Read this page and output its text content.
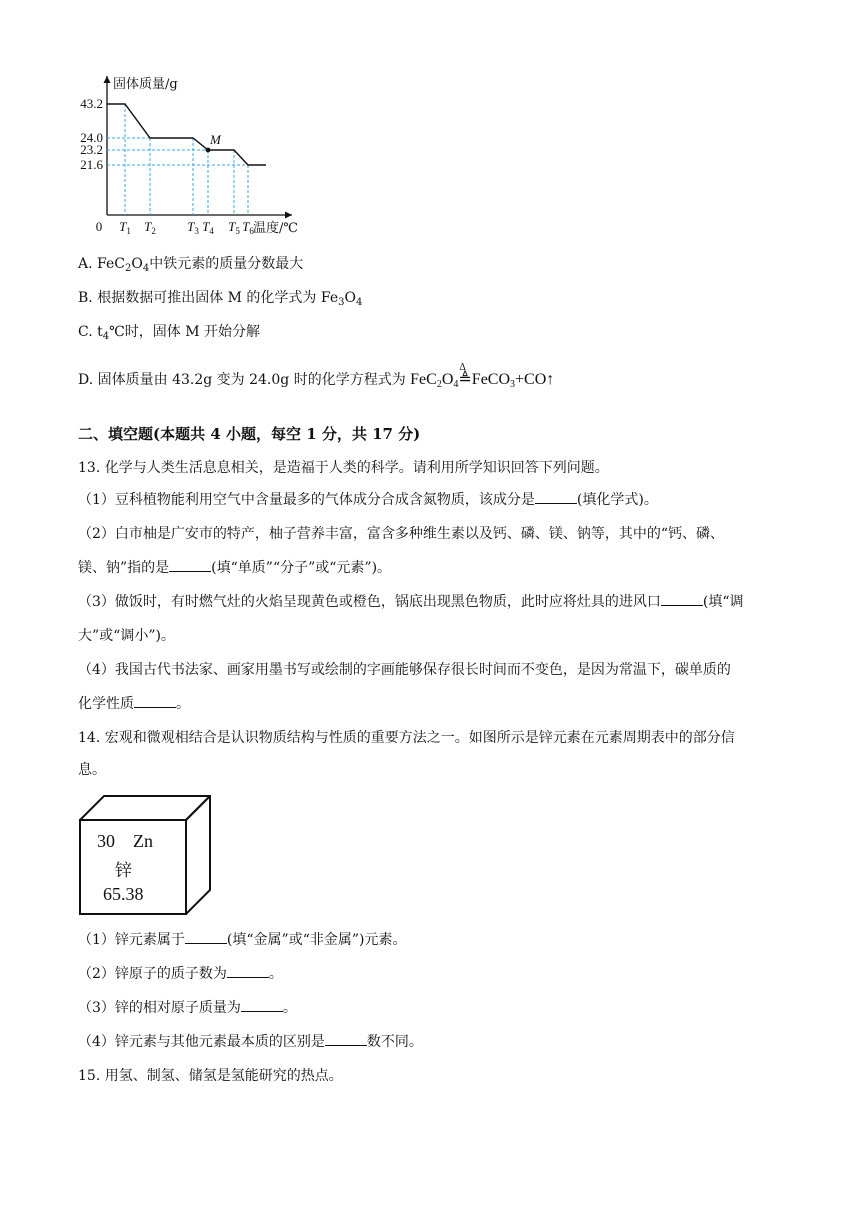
固体质量/g
温度/℃
M
43.2
24.0
23.2
21.6
0 $T_1$ $T_2$ $T_3$ $T_4$ $T_5$ $T_6$
A. $FeC_2O_4$中铁元素的质量分数最大
B. 根据数据可推出固体 M 的化学式为 $Fe_3O_4$
C. $t_4℃$时，固体 M 开始分解
D. 固体质量由 43.2g 变为 24.0g 时的化学方程式为 $FeC_2O_4$
Δ
≜FeCO$_3$+CO↑
二、填空题(本题共 4 小题，每空 1 分，共 17 分)
13. 化学与人类生活息息相关，是造福于人类的科学。请利用所学知识回答下列问题。
（1）豆科植物能利用空气中含量最多的气体成分合成含氮物质，该成分是	(填化学式)。
（2）白市柚是广安市的特产，柚子营养丰富，富含多种维生素以及钙、磷、镁、钠等，其中的“钙、磷、
镁、钠”指的是	(填“单质”“分子”或“元素”)。
（3）做饭时，有时燃气灶的火焰呈现黄色或橙色，锅底出现黑色物质，此时应将灶具的进风口	(填“调
大”或“调小”)。
（4）我国古代书法家、画家用墨书写或绘制的字画能够保存很长时间而不变色，是因为常温下，碳单质的
化学性质	。
14. 宏观和微观相结合是认识物质结构与性质的重要方法之一。如图所示是锌元素在元素周期表中的部分信
息。
30 Zn
锌
65.38
（1）锌元素属于	(填“金属”或“非金属”)元素。
（2）锌原子的质子数为	。
（3）锌的相对原子质量为	。
（4）锌元素与其他元素最本质的区别是	数不同。
15. 用氢、制氢、储氢是氢能研究的热点。
